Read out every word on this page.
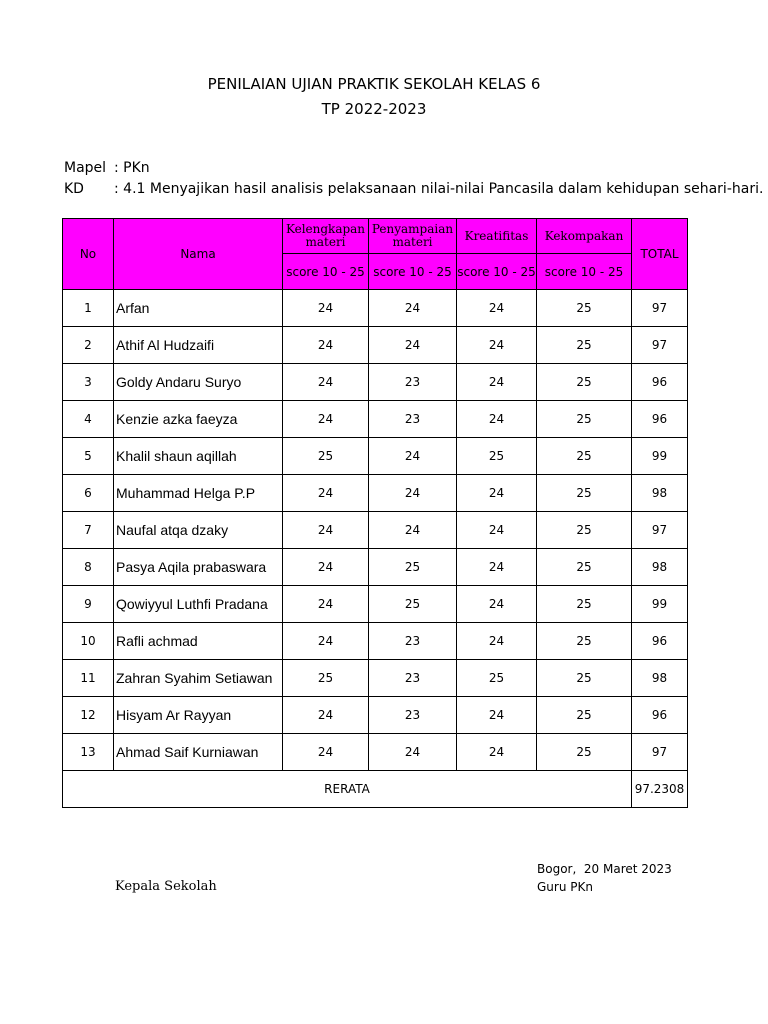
PENILAIAN UJIAN PRAKTIK SEKOLAH KELAS 6
TP 2022-2023
Mapel : PKn
KD : 4.1 Menyajikan hasil analisis pelaksanaan nilai-nilai Pancasila dalam kehidupan sehari-hari.
No	Nama	Kelengkapan materi	Penyampaian materi	Kreatifitas	Kekompakan	TOTAL
		score 10 - 25	score 10 - 25	score 10 - 25	score 10 - 25	
1	Arfan	24	24	24	25	97
2	Athif Al Hudzaifi	24	24	24	25	97
3	Goldy Andaru Suryo	24	23	24	25	96
4	Kenzie azka faeyza	24	23	24	25	96
5	Khalil shaun aqillah	25	24	25	25	99
6	Muhammad Helga P.P	24	24	24	25	98
7	Naufal atqa dzaky	24	24	24	25	97
8	Pasya Aqila prabaswara	24	25	24	25	98
9	Qowiyyul Luthfi Pradana	24	25	24	25	99
10	Rafli achmad	24	23	24	25	96
11	Zahran Syahim Setiawan	25	23	25	25	98
12	Hisyam Ar Rayyan	24	23	24	25	96
13	Ahmad Saif Kurniawan	24	24	24	25	97
RERATA						97.2308
Kepala Sekolah
Bogor,  20 Maret 2023
Guru PKn
